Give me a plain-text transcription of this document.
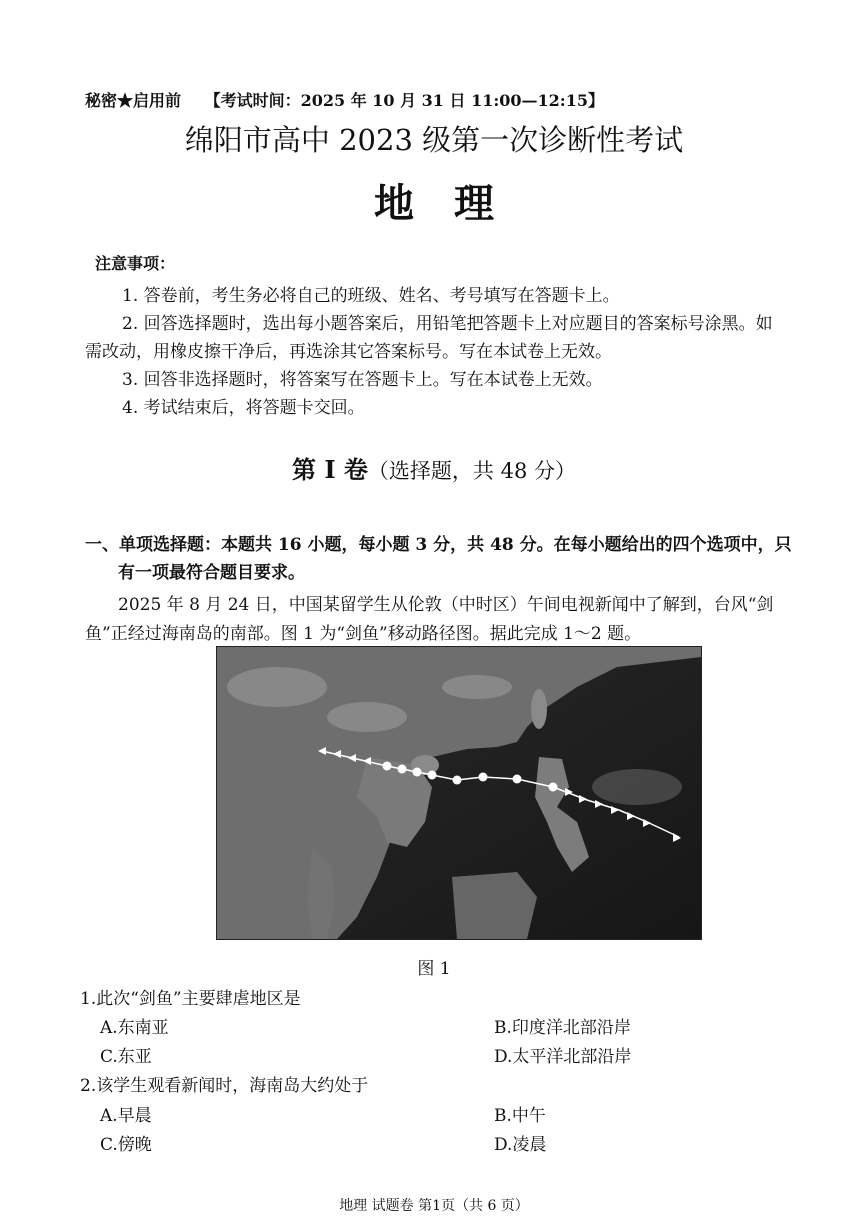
秘密★启用前 【考试时间：2025 年 10 月 31 日 11:00—12:15】
绵阳市高中 2023 级第一次诊断性考试
地理
注意事项：
1. 答卷前，考生务必将自己的班级、姓名、考号填写在答题卡上。
2. 回答选择题时，选出每小题答案后，用铅笔把答题卡上对应题目的答案标号涂黑。如
需改动，用橡皮擦干净后，再选涂其它答案标号。写在本试卷上无效。
3. 回答非选择题时，将答案写在答题卡上。写在本试卷上无效。
4. 考试结束后，将答题卡交回。
第 I 卷（选择题，共 48 分）
一、单项选择题：本题共 16 小题，每小题 3 分，共 48 分。在每小题给出的四个选项中，只
有一项最符合题目要求。
2025 年 8 月 24 日，中国某留学生从伦敦（中时区）午间电视新闻中了解到，台风“剑
鱼”正经过海南岛的南部。图 1 为“剑鱼”移动路径图。据此完成 1～2 题。
图 1
1.此次“剑鱼”主要肆虐地区是
A.东南亚	B.印度洋北部沿岸
C.东亚	D.太平洋北部沿岸
2.该学生观看新闻时，海南岛大约处于
A.早晨	B.中午
C.傍晚	D.凌晨
地理 试题卷 第1页（共 6 页）
